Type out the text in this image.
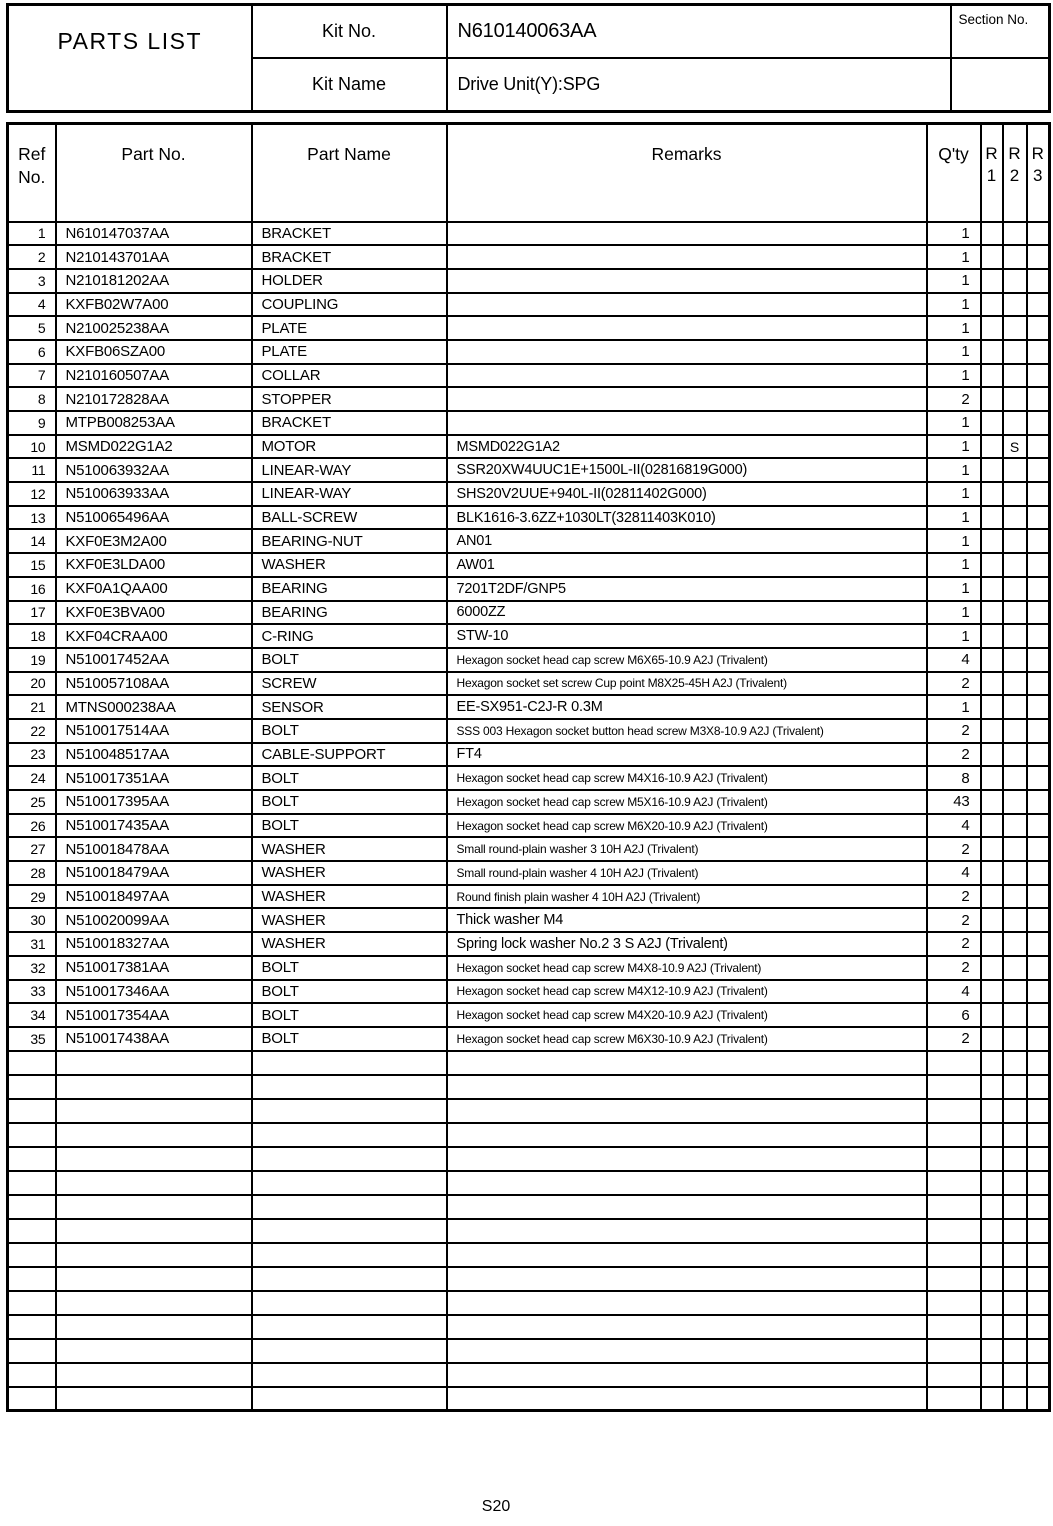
PARTS LIST	Kit No.	N610140063AA	Section No.
	Kit Name	Drive Unit(Y):SPG	
Ref No.	Part No.	Part Name	Remarks	Q'ty	R 1	R 2	R 3
1	N610147037AA	BRACKET		1			
2	N210143701AA	BRACKET		1			
3	N210181202AA	HOLDER		1			
4	KXFB02W7A00	COUPLING		1			
5	N210025238AA	PLATE		1			
6	KXFB06SZA00	PLATE		1			
7	N210160507AA	COLLAR		1			
8	N210172828AA	STOPPER		2			
9	MTPB008253AA	BRACKET		1			
10	MSMD022G1A2	MOTOR	MSMD022G1A2	1		S	
11	N510063932AA	LINEAR-WAY	SSR20XW4UUC1E+1500L-II(02816819G000)	1			
12	N510063933AA	LINEAR-WAY	SHS20V2UUE+940L-II(02811402G000)	1			
13	N510065496AA	BALL-SCREW	BLK1616-3.6ZZ+1030LT(32811403K010)	1			
14	KXF0E3M2A00	BEARING-NUT	AN01	1			
15	KXF0E3LDA00	WASHER	AW01	1			
16	KXF0A1QAA00	BEARING	7201T2DF/GNP5	1			
17	KXF0E3BVA00	BEARING	6000ZZ	1			
18	KXF04CRAA00	C-RING	STW-10	1			
19	N510017452AA	BOLT	Hexagon socket head cap screw M6X65-10.9 A2J (Trivalent)	4			
20	N510057108AA	SCREW	Hexagon socket set screw Cup point M8X25-45H A2J (Trivalent)	2			
21	MTNS000238AA	SENSOR	EE-SX951-C2J-R 0.3M	1			
22	N510017514AA	BOLT	SSS 003 Hexagon socket button head screw M3X8-10.9 A2J (Trivalent)	2			
23	N510048517AA	CABLE-SUPPORT	FT4	2			
24	N510017351AA	BOLT	Hexagon socket head cap screw M4X16-10.9 A2J (Trivalent)	8			
25	N510017395AA	BOLT	Hexagon socket head cap screw M5X16-10.9 A2J (Trivalent)	43			
26	N510017435AA	BOLT	Hexagon socket head cap screw M6X20-10.9 A2J (Trivalent)	4			
27	N510018478AA	WASHER	Small round-plain washer 3 10H A2J (Trivalent)	2			
28	N510018479AA	WASHER	Small round-plain washer 4 10H A2J (Trivalent)	4			
29	N510018497AA	WASHER	Round finish plain washer 4 10H A2J (Trivalent)	2			
30	N510020099AA	WASHER	Thick washer M4	2			
31	N510018327AA	WASHER	Spring lock washer No.2 3 S A2J (Trivalent)	2			
32	N510017381AA	BOLT	Hexagon socket head cap screw M4X8-10.9 A2J (Trivalent)	2			
33	N510017346AA	BOLT	Hexagon socket head cap screw M4X12-10.9 A2J (Trivalent)	4			
34	N510017354AA	BOLT	Hexagon socket head cap screw M4X20-10.9 A2J (Trivalent)	6			
35	N510017438AA	BOLT	Hexagon socket head cap screw M6X30-10.9 A2J (Trivalent)	2			

S20
